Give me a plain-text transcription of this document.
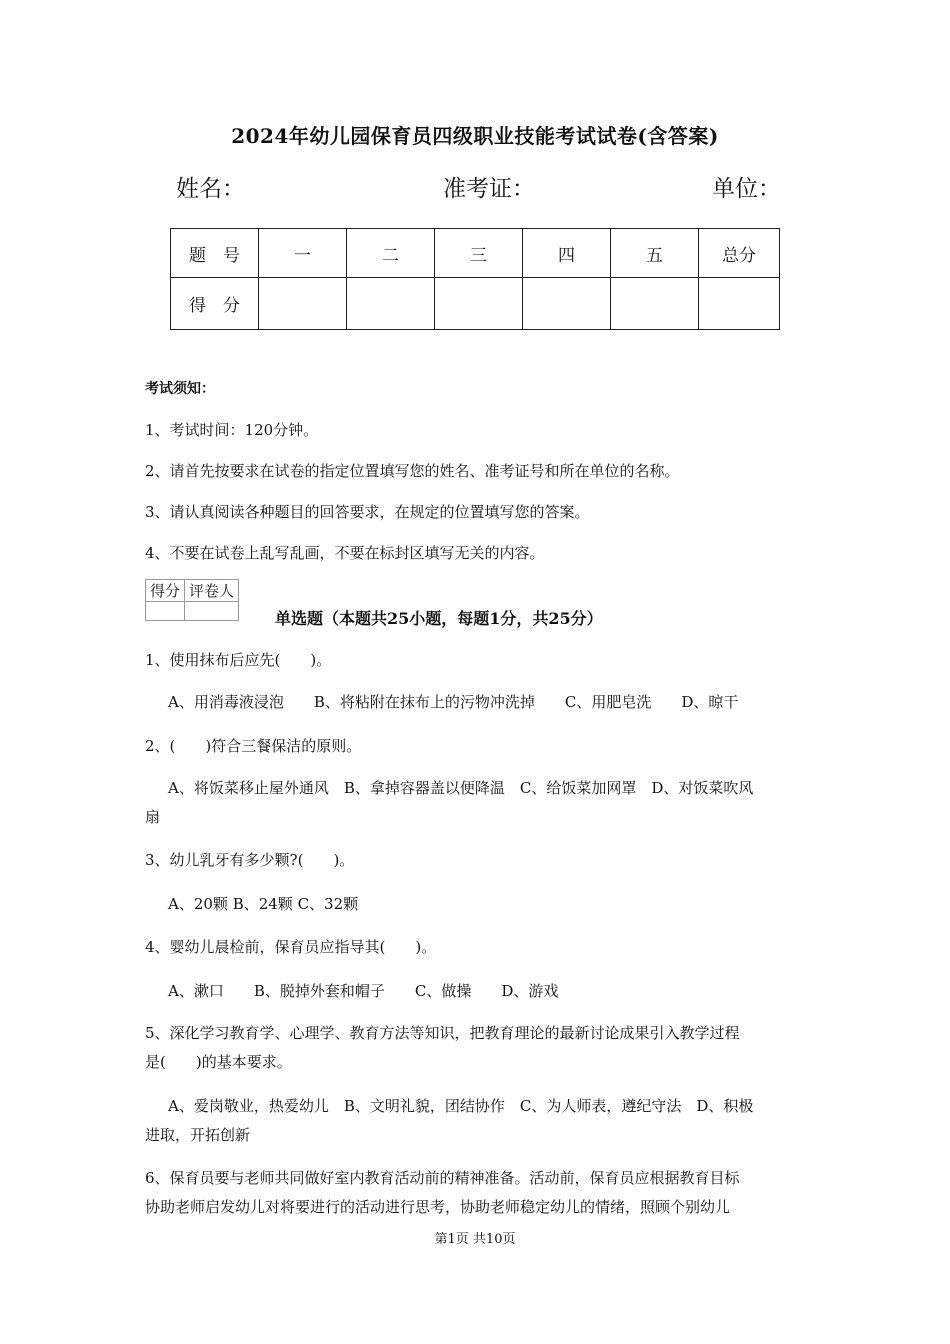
2024年幼儿园保育员四级职业技能考试试卷(含答案)
姓名：	准考证：	单位：
题　号	一	二	三	四	五	总分
得　分						
考试须知：
1、考试时间：120分钟。
2、请首先按要求在试卷的指定位置填写您的姓名、准考证号和所在单位的名称。
3、请认真阅读各种题目的回答要求，在规定的位置填写您的答案。
4、不要在试卷上乱写乱画，不要在标封区填写无关的内容。
得分	评卷人

单选题（本题共25小题，每题1分，共25分）
1、使用抹布后应先(　　)。
A、用消毒液浸泡　　B、将粘附在抹布上的污物冲洗掉　　C、用肥皂洗　　D、晾干
2、(　　)符合三餐保洁的原则。
A、将饭菜移止屋外通风　B、拿掉容器盖以便降温　C、给饭菜加网罩　D、对饭菜吹风
扇
3、幼儿乳牙有多少颗?(　　)。
A、20颗 B、24颗 C、32颗
4、婴幼儿晨检前，保育员应指导其(　　)。
A、漱口　　B、脱掉外套和帽子　　C、做操　　D、游戏
5、深化学习教育学、心理学、教育方法等知识，把教育理论的最新讨论成果引入教学过程
是(　　)的基本要求。
A、爱岗敬业，热爱幼儿　B、文明礼貌，团结协作　C、为人师表，遵纪守法　D、积极
进取，开拓创新
6、保育员要与老师共同做好室内教育活动前的精神准备。活动前，保育员应根据教育目标
协助老师启发幼儿对将要进行的活动进行思考，协助老师稳定幼儿的情绪，照顾个别幼儿
第1页 共10页
